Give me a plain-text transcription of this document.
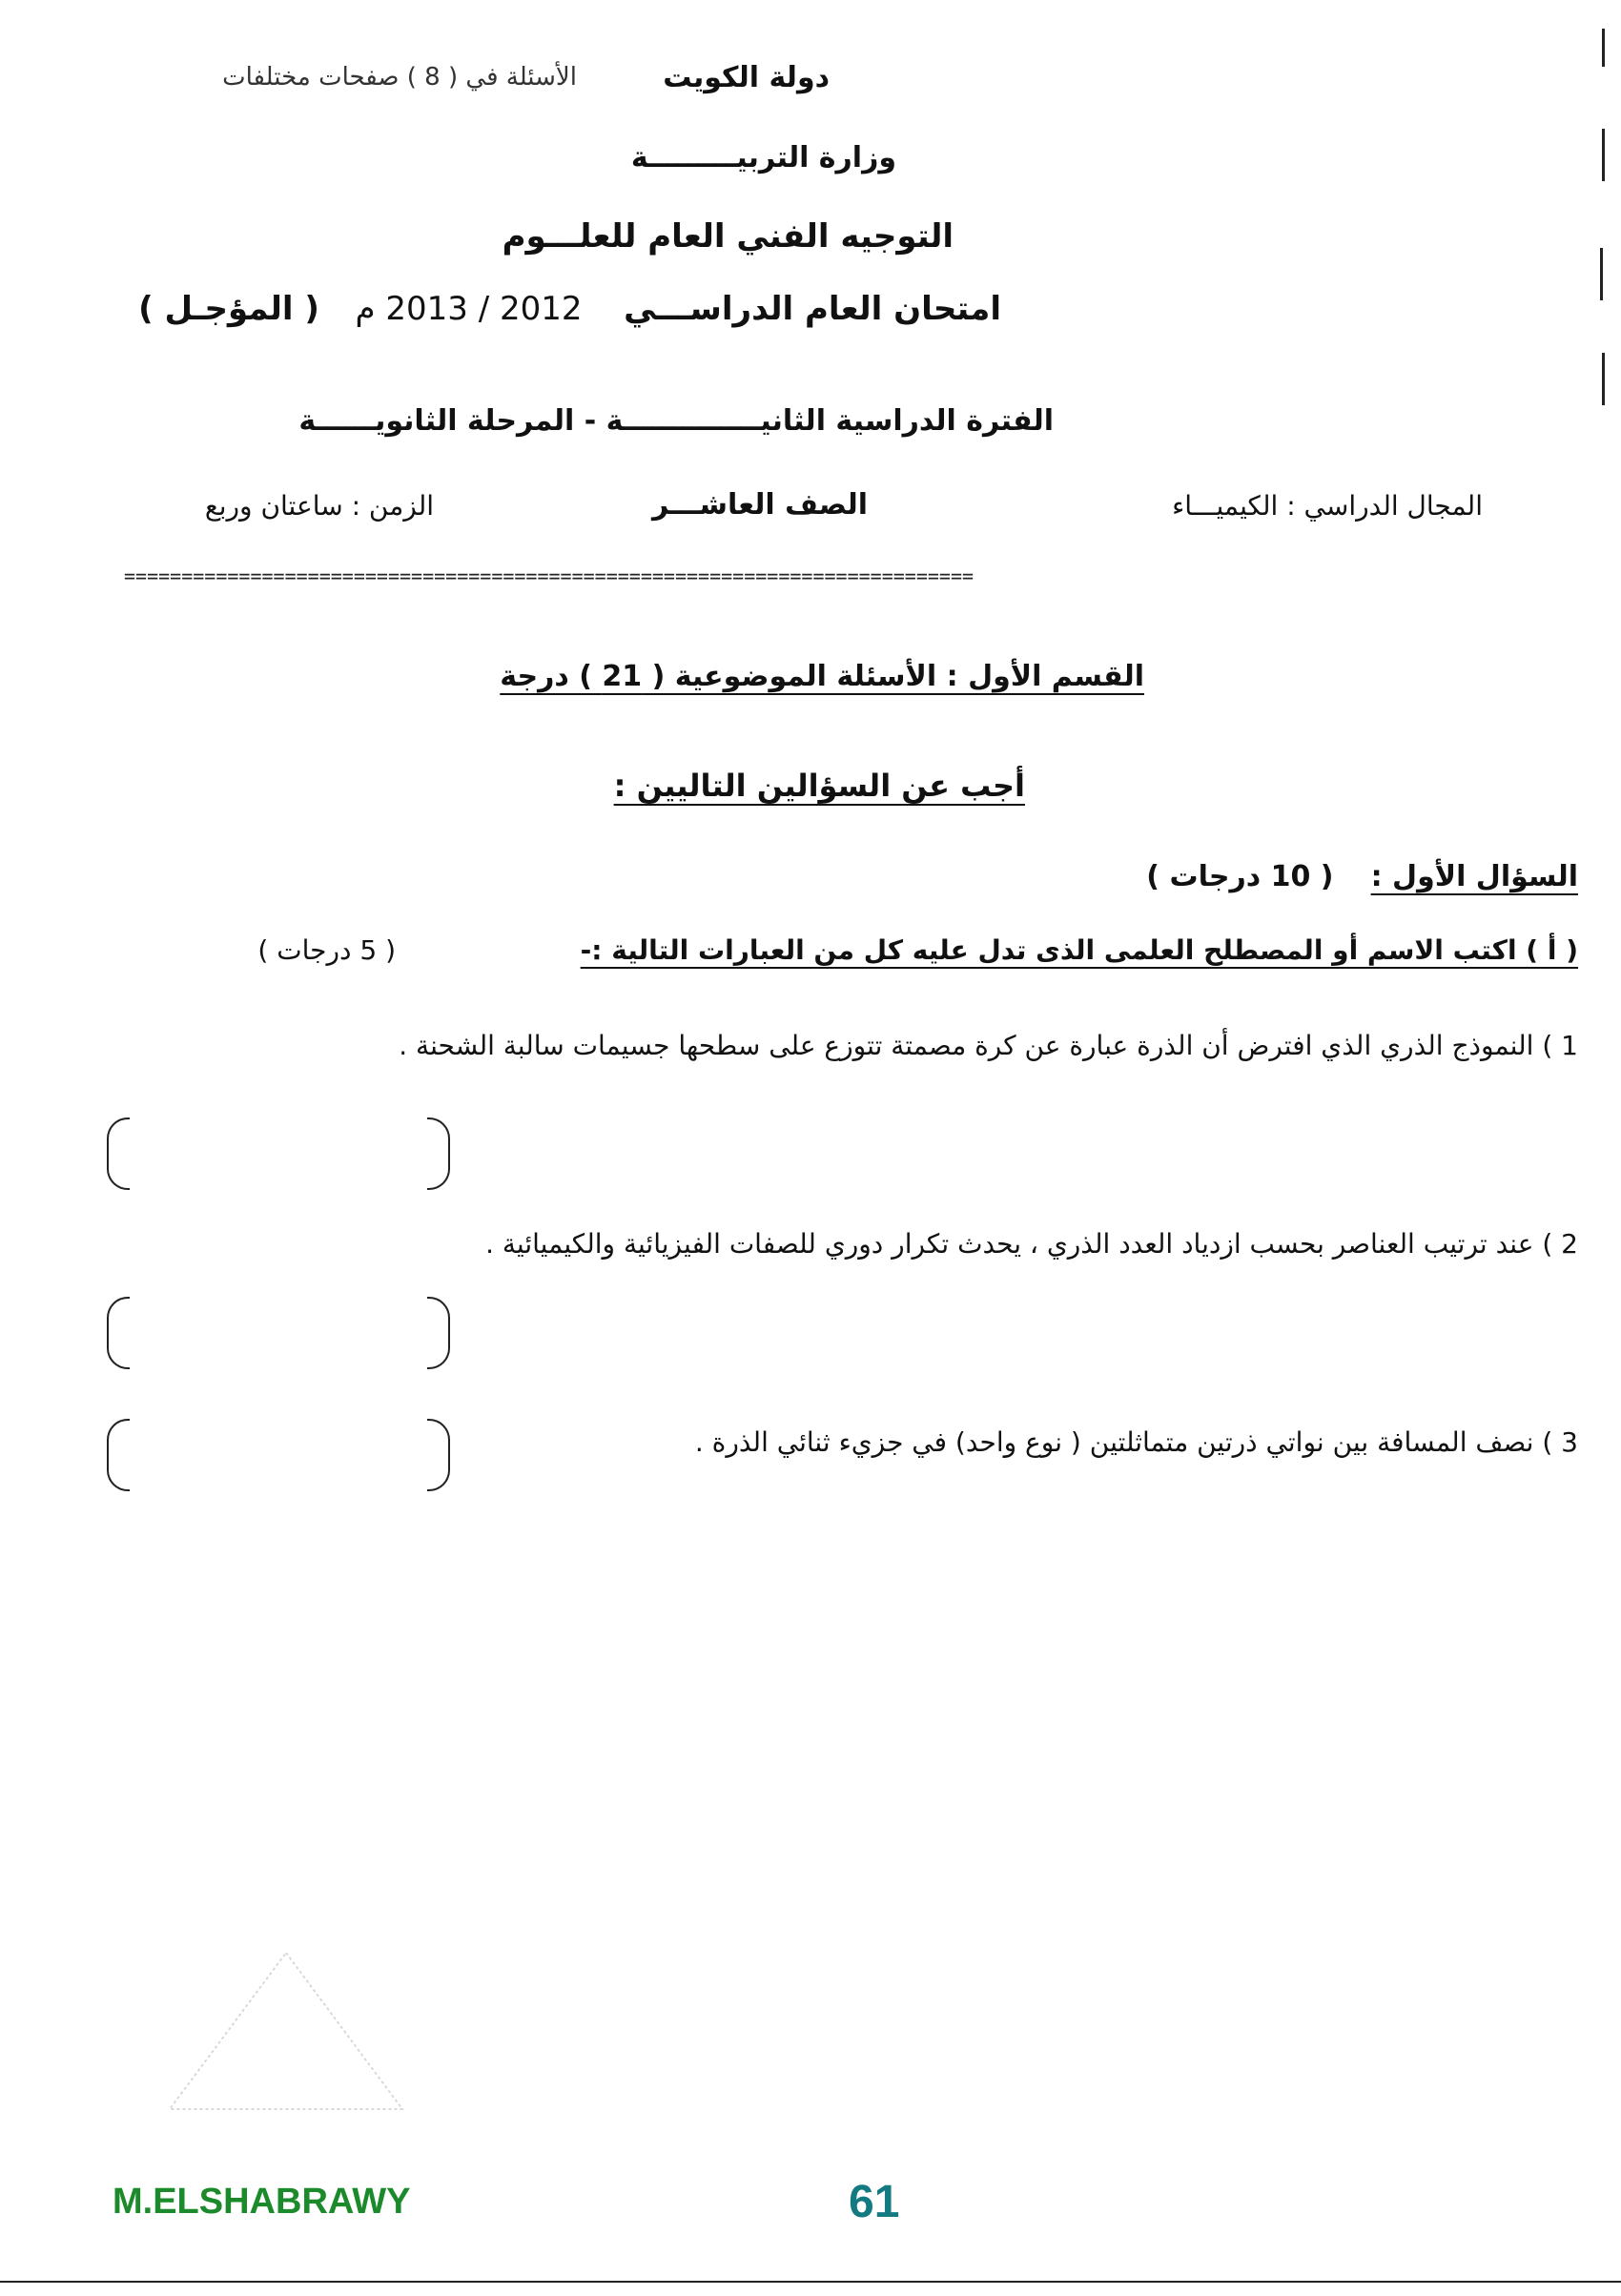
دولة الكويت
الأسئلة في ( 8 ) صفحات مختلفات
وزارة التربيـــــــــة
التوجيه الفني العام للعلـــوم
امتحان العام الدراســـي  2012 / 2013 م  ( المؤجـل )
الفترة الدراسية الثانيــــــــــــــة - المرحلة الثانويــــــة
المجال الدراسي : الكيميـــاء
الصف العاشـــر
الزمن : ساعتان وربع
==========================================================================
القسم الأول : الأسئلة الموضوعية ( 21 ) درجة
أجب عن السؤالين التاليين :
السؤال الأول :  ( 10 درجات )
( أ ) اكتب الاسم أو المصطلح العلمى الذى تدل عليه كل من العبارات التالية :-
( 5 درجات )
1 ) النموذج الذري الذي افترض أن الذرة عبارة عن كرة مصمتة تتوزع على سطحها جسيمات سالبة الشحنة .
2 ) عند ترتيب العناصر بحسب ازدياد العدد الذري ، يحدث تكرار دوري للصفات الفيزيائية والكيميائية .
3 ) نصف المسافة بين نواتي ذرتين متماثلتين ( نوع واحد) في جزيء ثنائي الذرة .
M.ELSHABRAWY	61
